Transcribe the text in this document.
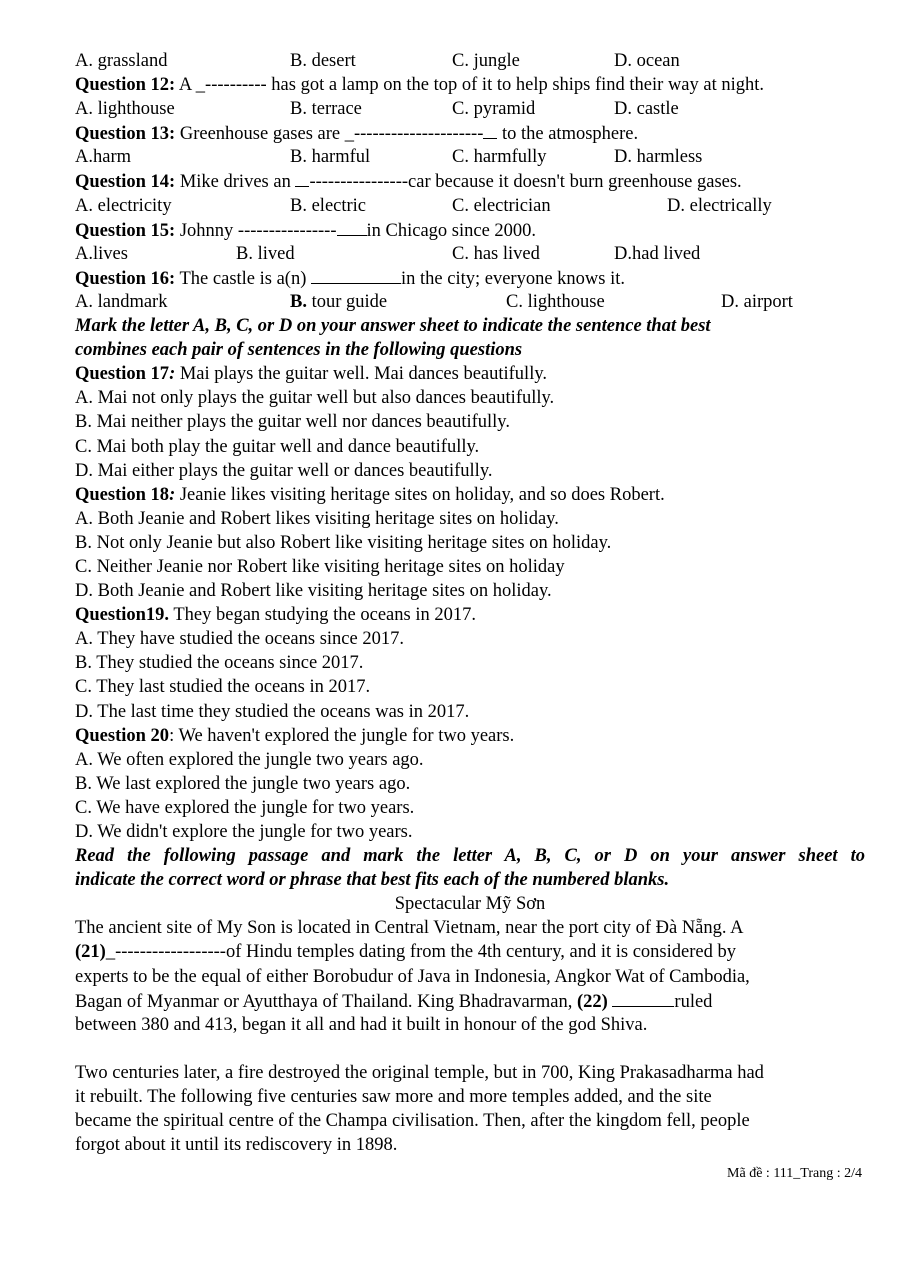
A. grassland	B. desert	C. jungle	D. ocean
Question 12: A _---------- has got a lamp on the top of it to help ships find their way at night.
A. lighthouse	B. terrace	C. pyramid	D. castle
Question 13: Greenhouse gases are _--------------------- to the atmosphere.
A.harm	B. harmful	C. harmfully	D. harmless
Question 14: Mike drives an ----------------car because it doesn't burn greenhouse gases.
A. electricity	B. electric	C. electrician	D. electrically
Question 15: Johnny ---------------- in Chicago since 2000.
A.lives	B. lived	C. has lived	D.had lived
Question 16: The castle is a(n)	in the city; everyone knows it.
A. landmark	B. tour guide	C. lighthouse	D. airport
Mark the letter A, B, C, or D on your answer sheet to indicate the sentence that best
combines each pair of sentences in the following questions
Question 17: Mai plays the guitar well. Mai dances beautifully.
A. Mai not only plays the guitar well but also dances beautifully.
B. Mai neither plays the guitar well nor dances beautifully.
C. Mai both play the guitar well and dance beautifully.
D. Mai either plays the guitar well or dances beautifully.
Question 18: Jeanie likes visiting heritage sites on holiday, and so does Robert.
A. Both Jeanie and Robert likes visiting heritage sites on holiday.
B. Not only Jeanie but also Robert like visiting heritage sites on holiday.
C. Neither Jeanie nor Robert like visiting heritage sites on holiday
D. Both Jeanie and Robert like visiting heritage sites on holiday.
Question19. They began studying the oceans in 2017.
A. They have studied the oceans since 2017.
B. They studied the oceans since 2017.
C. They last studied the oceans in 2017.
D. The last time they studied the oceans was in 2017.
Question 20: We haven't explored the jungle for two years.
A. We often explored the jungle two years ago.
B. We last explored the jungle two years ago.
C. We have explored the jungle for two years.
D. We didn't explore the jungle for two years.
Read the following passage and mark the letter A, B, C, or D on your answer sheet to
indicate the correct word or phrase that best fits each of the numbered blanks.
Spectacular Mỹ Sơn
The ancient site of My Son is located in Central Vietnam, near the port city of Đà Nẵng. A
(21)_------------------of Hindu temples dating from the 4th century, and it is considered by
experts to be the equal of either Borobudur of Java in Indonesia, Angkor Wat of Cambodia,
Bagan of Myanmar or Ayutthaya of Thailand. King Bhadravarman, (22)	ruled
between 380 and 413, began it all and had it built in honour of the god Shiva.
Two centuries later, a fire destroyed the original temple, but in 700, King Prakasadharma had
it rebuilt. The following five centuries saw more and more temples added, and the site
became the spiritual centre of the Champa civilisation. Then, after the kingdom fell, people
forgot about it until its rediscovery in 1898.
Mã đề : 111_Trang : 2/4
